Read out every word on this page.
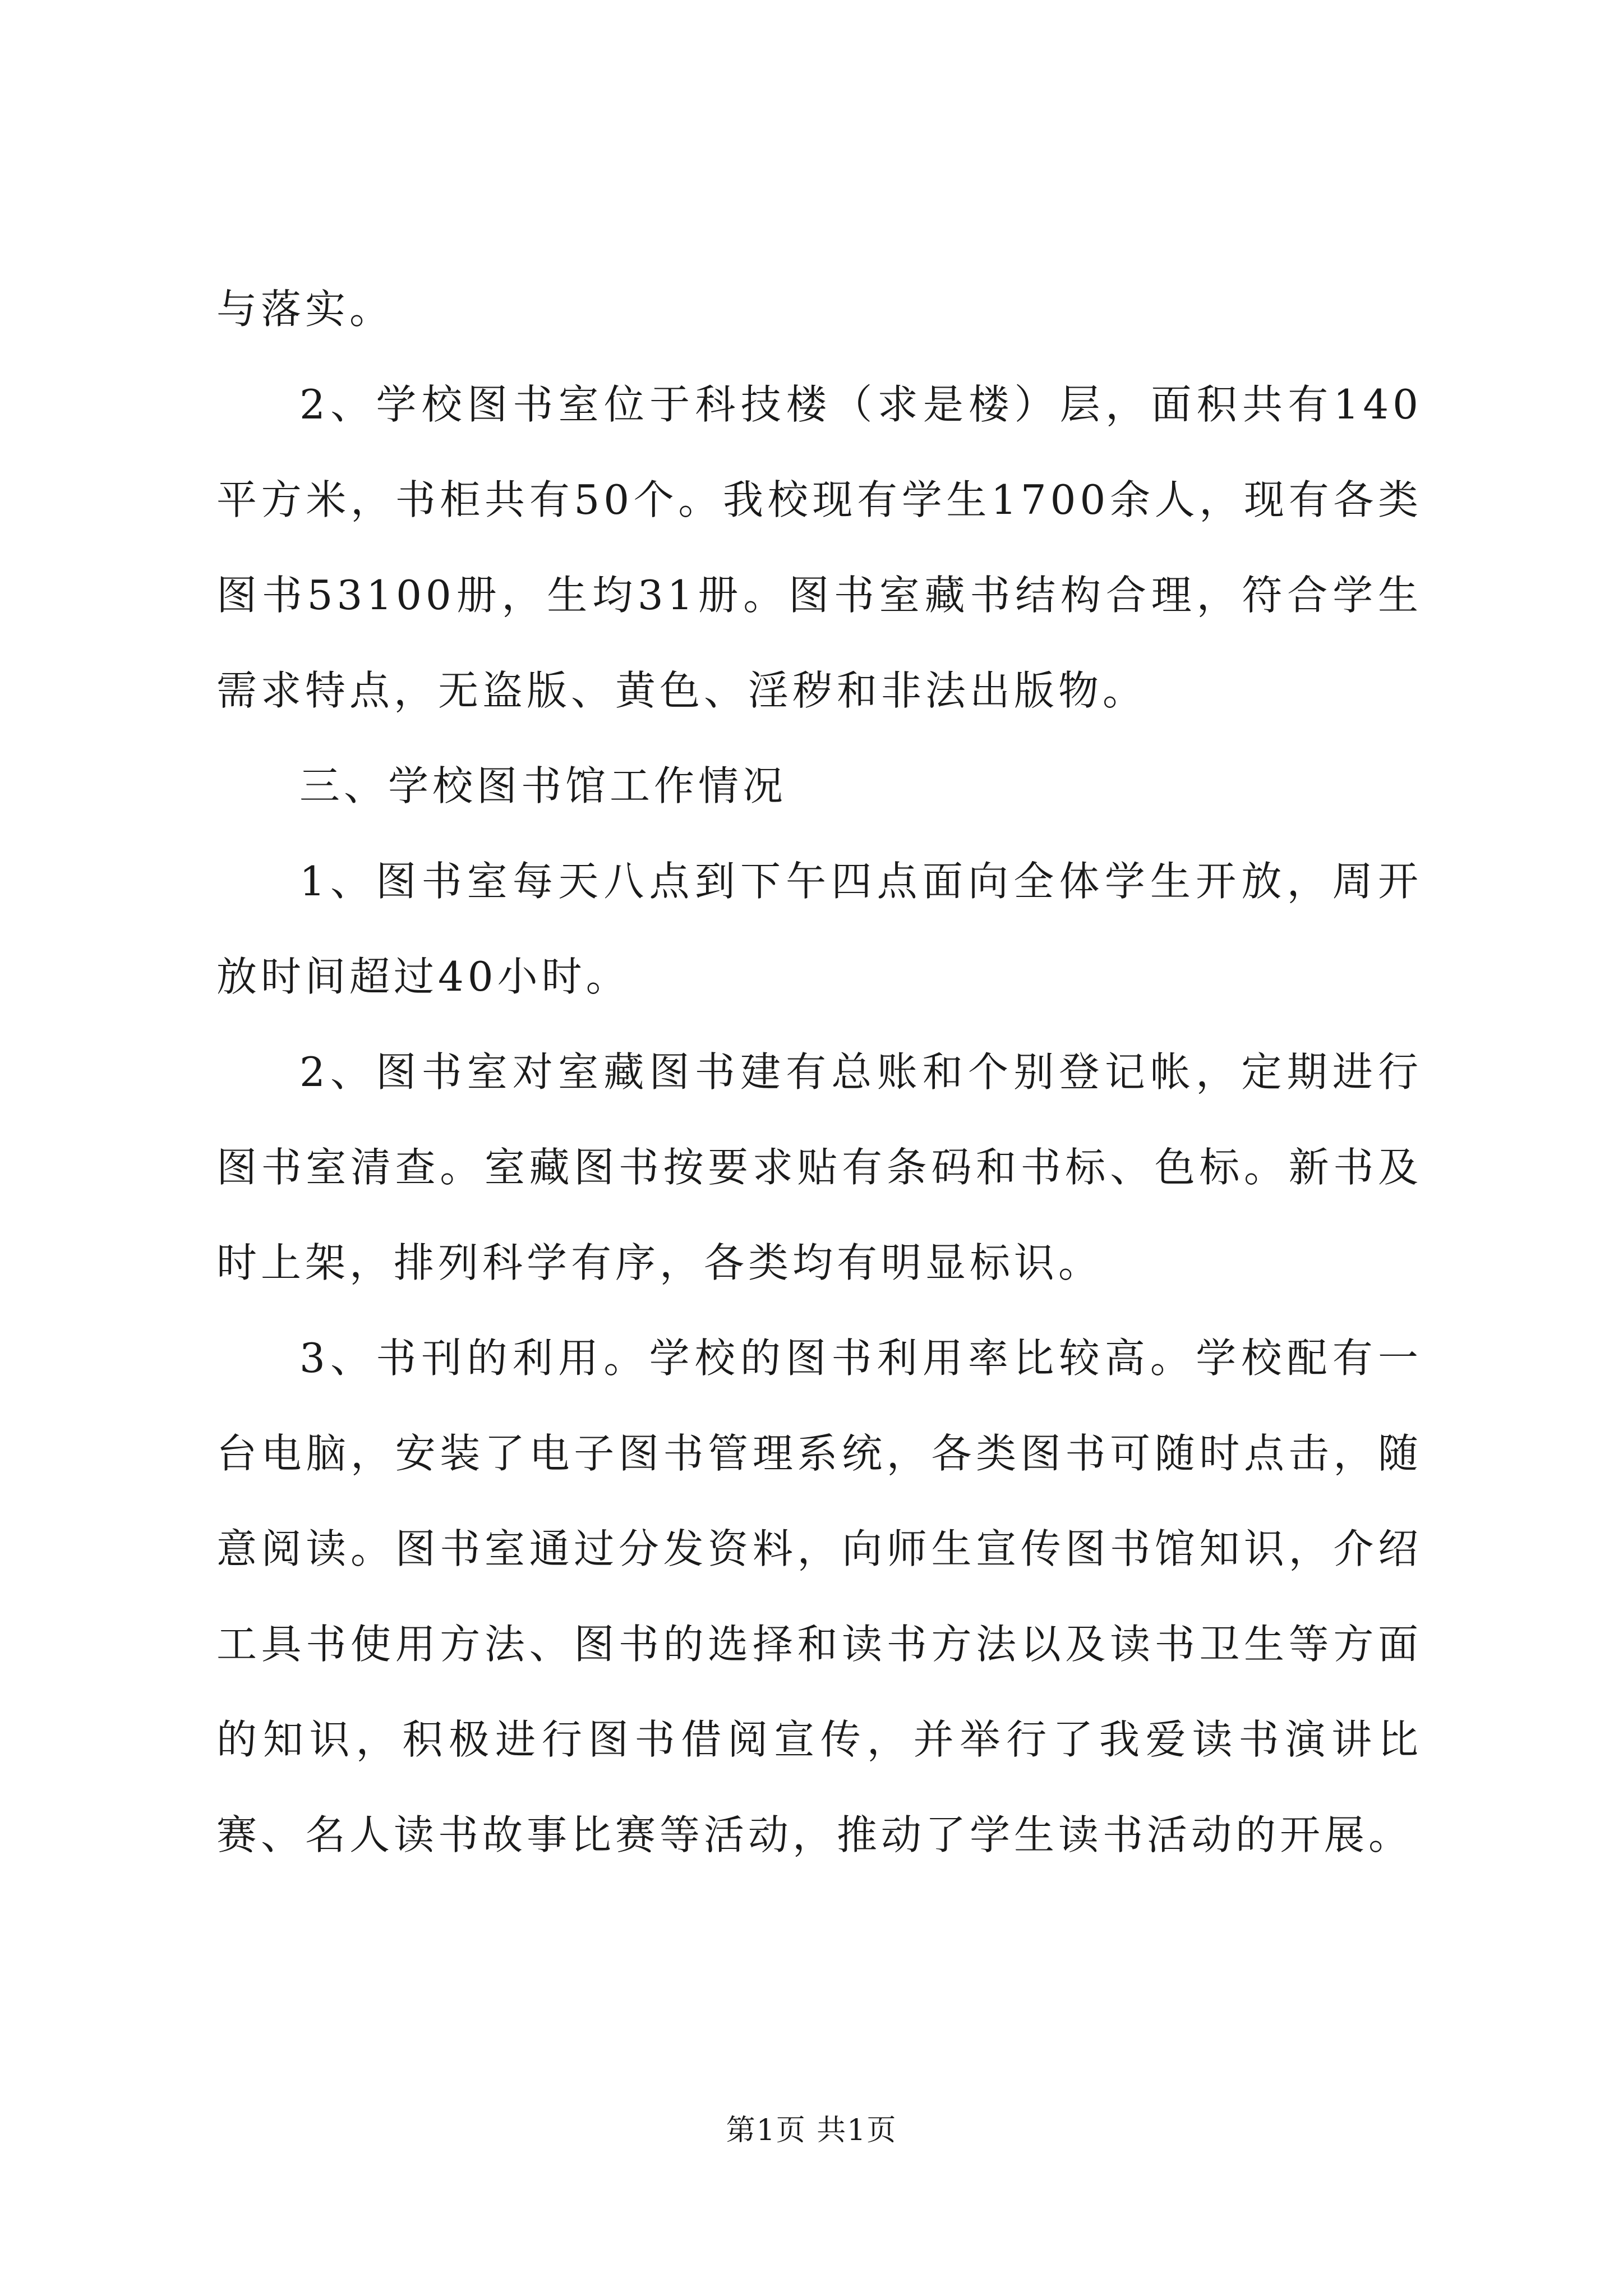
与落实。

2、学校图书室位于科技楼（求是楼）层，面积共有140平方米，书柜共有50个。我校现有学生1700余人，现有各类图书53100册，生均31册。图书室藏书结构合理，符合学生需求特点，无盗版、黄色、淫秽和非法出版物。

三、学校图书馆工作情况

1、图书室每天八点到下午四点面向全体学生开放，周开放时间超过40小时。

2、图书室对室藏图书建有总账和个别登记帐，定期进行图书室清查。室藏图书按要求贴有条码和书标、色标。新书及时上架，排列科学有序，各类均有明显标识。

3、书刊的利用。学校的图书利用率比较高。学校配有一台电脑，安装了电子图书管理系统，各类图书可随时点击，随意阅读。图书室通过分发资料，向师生宣传图书馆知识，介绍工具书使用方法、图书的选择和读书方法以及读书卫生等方面的知识，积极进行图书借阅宣传，并举行了我爱读书演讲比赛、名人读书故事比赛等活动，推动了学生读书活动的开展。

第1页 共1页
